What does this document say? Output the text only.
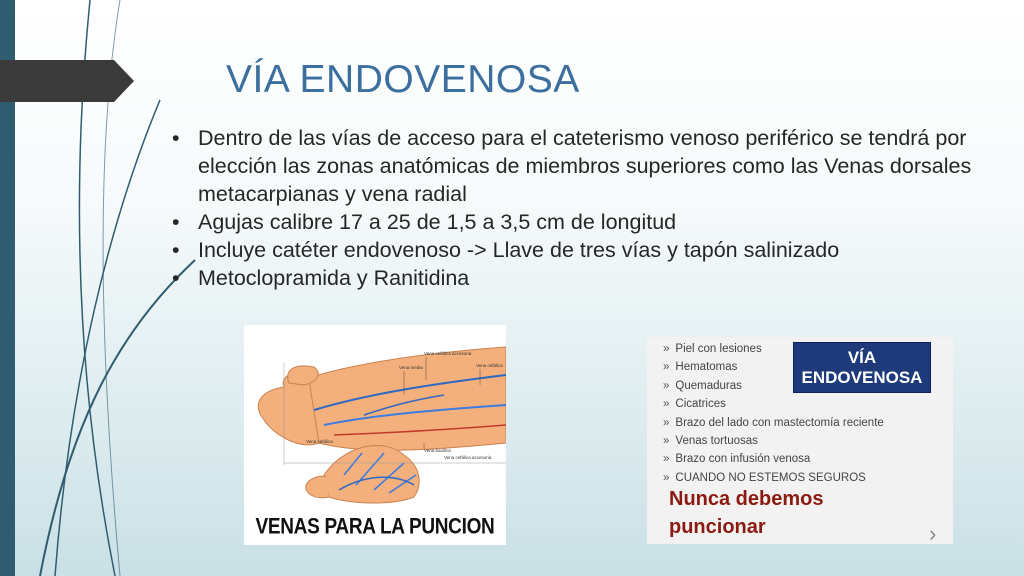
VÍA ENDOVENOSA
• Dentro de las vías de acceso para el cateterismo venoso periférico se tendrá por elección las zonas anatómicas de miembros superiores como las Venas dorsales metacarpianas y vena radial
• Agujas calibre 17 a 25 de 1,5 a 3,5 cm de longitud
• Incluye catéter endovenoso -> Llave de tres vías y tapón salinizado
• Metoclopramida y Ranitidina
Vena cefálica accesoria
Vena media	Vena cefálica
Vena cefálica
Vena basílica
Vena cefálica accesoria
VENAS PARA LA PUNCION
» Piel con lesiones
» Hematomas
» Quemaduras
» Cicatrices
» Brazo del lado con mastectomía reciente
» Venas tortuosas
» Brazo con infusión venosa
» CUANDO NO ESTEMOS SEGUROS
VÍA
ENDOVENOSA
Nunca debemos
puncionar	›
